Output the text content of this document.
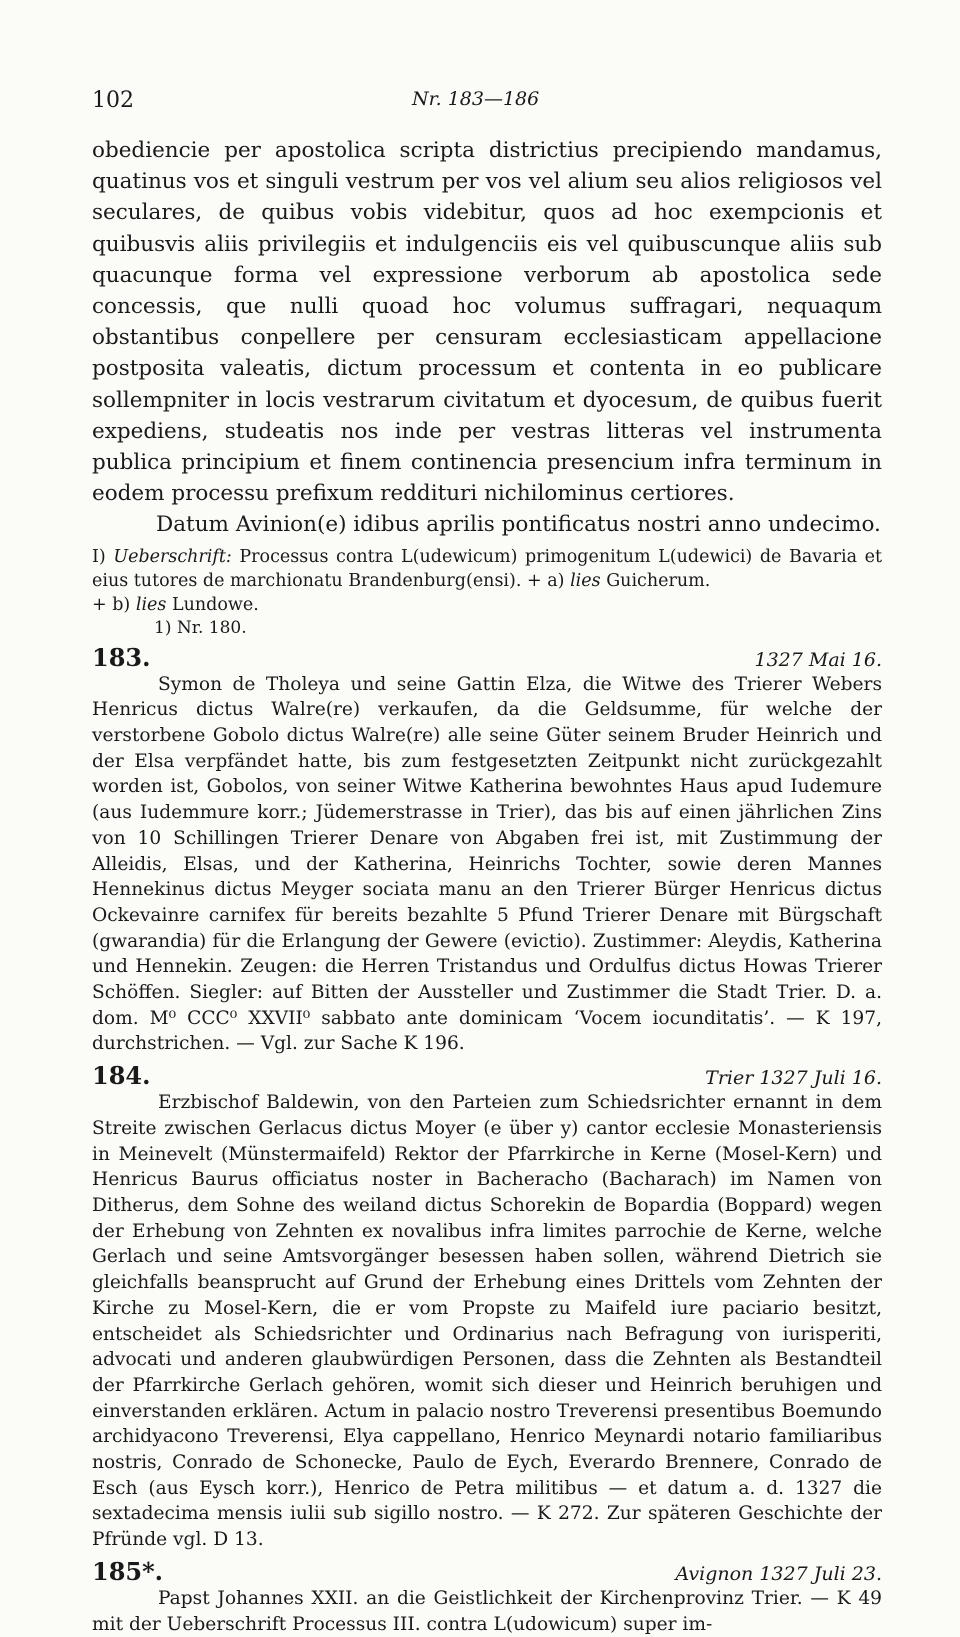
102	Nr. 183—186

obediencie per apostolica scripta districtius precipiendo mandamus, quatinus vos et singuli vestrum per vos vel alium seu alios religiosos vel seculares, de quibus vobis videbitur, quos ad hoc exempcionis et quibusvis aliis privilegiis et indulgenciis eis vel quibuscunque aliis sub quacunque forma vel expressione verborum ab apostolica sede concessis, que nulli quoad hoc volumus suffragari, nequaqum obstantibus conpellere per censuram ecclesiasticam appellacione postposita valeatis, dictum processum et contenta in eo publicare sollempniter in locis vestrarum civitatum et dyocesum, de quibus fuerit expediens, studeatis nos inde per vestras litteras vel instrumenta publica principium et finem continencia presencium infra terminum in eodem processu prefixum reddituri nichilominus certiores.

Datum Avinion(e) idibus aprilis pontificatus nostri anno undecimo.

I) Ueberschrift: Processus contra L(udewicum) primogenitum L(udewici) de Bavaria et eius tutores de marchionatu Brandenburg(ensi). + a) lies Guicherum.
+ b) lies Lundowe.
1) Nr. 180.
183.	1327 Mai 16.

Symon de Tholeya und seine Gattin Elza, die Witwe des Trierer Webers Henricus dictus Walre(re) verkaufen, da die Geldsumme, für welche der verstorbene Gobolo dictus Walre(re) alle seine Güter seinem Bruder Heinrich und der Elsa verpfändet hatte, bis zum festgesetzten Zeitpunkt nicht zurückgezahlt worden ist, Gobolos, von seiner Witwe Katherina bewohntes Haus apud Iudemure (aus Iudemmure korr.; Jüdemerstrasse in Trier), das bis auf einen jährlichen Zins von 10 Schillingen Trierer Denare von Abgaben frei ist, mit Zustimmung der Alleidis, Elsas, und der Katherina, Heinrichs Tochter, sowie deren Mannes Hennekinus dictus Meyger sociata manu an den Trierer Bürger Henricus dictus Ockevainre carnifex für bereits bezahlte 5 Pfund Trierer Denare mit Bürgschaft (gwarandia) für die Erlangung der Gewere (evictio). Zustimmer: Aleydis, Katherina und Hennekin. Zeugen: die Herren Tristandus und Ordulfus dictus Howas Trierer Schöffen. Siegler: auf Bitten der Aussteller und Zustimmer die Stadt Trier. D. a. dom. M⁰ CCC⁰ XXVII⁰ sabbato ante dominicam ‘Vocem iocunditatis’. — K 197, durchstrichen. — Vgl. zur Sache K 196.

184.	Trier 1327 Juli 16.

Erzbischof Baldewin, von den Parteien zum Schiedsrichter ernannt in dem Streite zwischen Gerlacus dictus Moyer (e über y) cantor ecclesie Monasteriensis in Meinevelt (Münstermaifeld) Rektor der Pfarrkirche in Kerne (Mosel-Kern) und Henricus Baurus officiatus noster in Bacheracho (Bacharach) im Namen von Ditherus, dem Sohne des weiland dictus Schorekin de Bopardia (Boppard) wegen der Erhebung von Zehnten ex novalibus infra limites parrochie de Kerne, welche Gerlach und seine Amtsvorgänger besessen haben sollen, während Dietrich sie gleichfalls beansprucht auf Grund der Erhebung eines Drittels vom Zehnten der Kirche zu Mosel-Kern, die er vom Propste zu Maifeld iure paciario besitzt, entscheidet als Schiedsrichter und Ordinarius nach Befragung von iurisperiti, advocati und anderen glaubwürdigen Personen, dass die Zehnten als Bestandteil der Pfarrkirche Gerlach gehören, womit sich dieser und Heinrich beruhigen und einverstanden erklären. Actum in palacio nostro Treverensi presentibus Boemundo archidyacono Treverensi, Elya cappellano, Henrico Meynardi notario familiaribus nostris, Conrado de Schonecke, Paulo de Eych, Everardo Brennere, Conrado de Esch (aus Eysch korr.), Henrico de Petra militibus — et datum a. d. 1327 die sextadecima mensis iulii sub sigillo nostro. — K 272. Zur späteren Geschichte der Pfründe vgl. D 13.

185*.	Avignon 1327 Juli 23.

Papst Johannes XXII. an die Geistlichkeit der Kirchenprovinz Trier. — K 49 mit der Ueberschrift Processus III. contra L(udowicum) super im-
